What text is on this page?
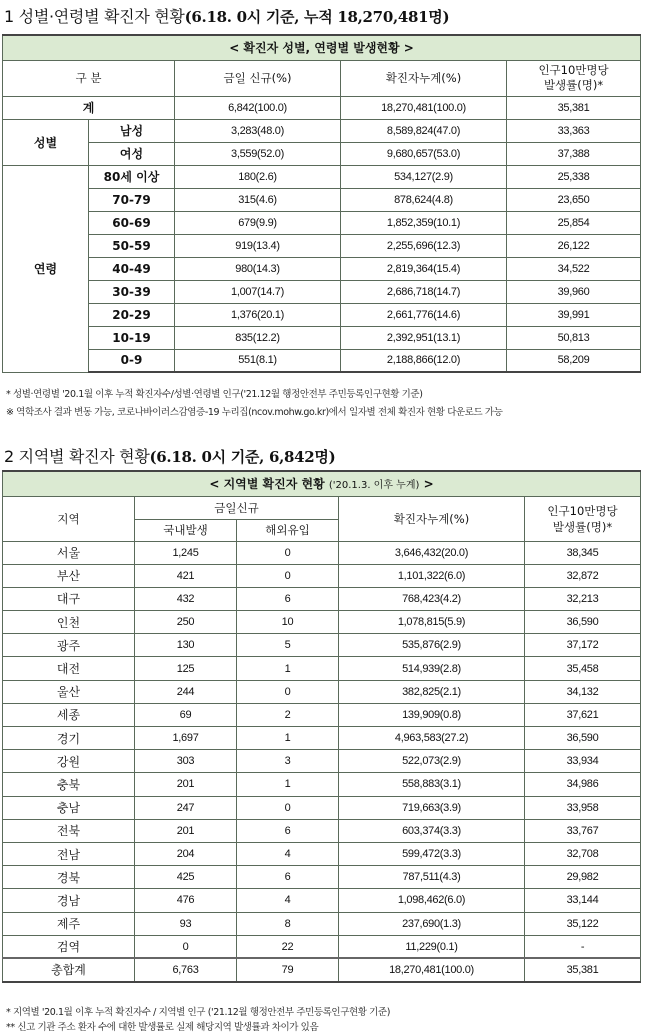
1 성별·연령별 확진자 현황(6.18. 0시 기준, 누적 18,270,481명)
< 확진자 성별, 연령별 발생현황 >				
구 분		금일 신규(%)	확진자누계(%)	인구10만명당
발생률(명)*

계		6,842(100.0)	18,270,481(100.0)	35,381
성별	남성	3,283(48.0)	8,589,824(47.0)	33,363
	여성	3,559(52.0)	9,680,657(53.0)	37,388
연령	80세 이상	180(2.6)	534,127(2.9)	25,338
	70-79	315(4.6)	878,624(4.8)	23,650
	60-69	679(9.9)	1,852,359(10.1)	25,854
	50-59	919(13.4)	2,255,696(12.3)	26,122
	40-49	980(14.3)	2,819,364(15.4)	34,522
	30-39	1,007(14.7)	2,686,718(14.7)	39,960
	20-29	1,376(20.1)	2,661,776(14.6)	39,991
	10-19	835(12.2)	2,392,951(13.1)	50,813
	0-9	551(8.1)	2,188,866(12.0)	58,209
* 성별·연령별 '20.1월 이후 누적 확진자수/성별·연령별 인구('21.12월 행정안전부 주민등록인구현황 기준)
※ 역학조사 결과 변동 가능, 코로나바이러스감염증-19 누리집(ncov.mohw.go.kr)에서 일자별 전체 확진자 현황 다운로드 가능
2 지역별 확진자 현황(6.18. 0시 기준, 6,842명)
< 지역별 확진자 현황 ('20.1.3. 이후 누계) >				
지역	금일신규		확진자누계(%)	인구10만명당
발생률(명)*

	국내발생	해외유입		
서울	1,245	0	3,646,432(20.0)	38,345
부산	421	0	1,101,322(6.0)	32,872
대구	432	6	768,423(4.2)	32,213
인천	250	10	1,078,815(5.9)	36,590
광주	130	5	535,876(2.9)	37,172
대전	125	1	514,939(2.8)	35,458
울산	244	0	382,825(2.1)	34,132
세종	69	2	139,909(0.8)	37,621
경기	1,697	1	4,963,583(27.2)	36,590
강원	303	3	522,073(2.9)	33,934
충북	201	1	558,883(3.1)	34,986
충남	247	0	719,663(3.9)	33,958
전북	201	6	603,374(3.3)	33,767
전남	204	4	599,472(3.3)	32,708
경북	425	6	787,511(4.3)	29,982
경남	476	4	1,098,462(6.0)	33,144
제주	93	8	237,690(1.3)	35,122
검역	0	22	11,229(0.1)	-
총합계	6,763	79	18,270,481(100.0)	35,381
* 지역별 '20.1월 이후 누적 확진자수 / 지역별 인구 ('21.12월 행정안전부 주민등록인구현황 기준)
** 신고 기관 주소 환자 수에 대한 발생률로 실제 해당지역 발생률과 차이가 있음
